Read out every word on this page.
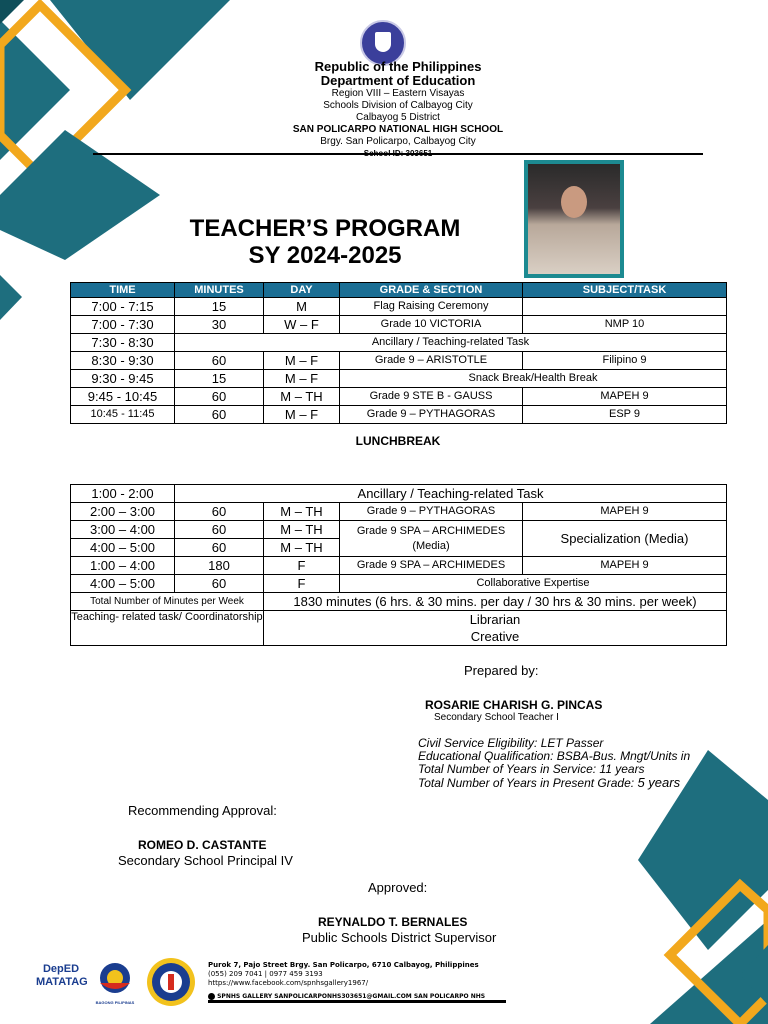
Republic of the Philippines
Department of Education
Region VIII – Eastern Visayas
Schools Division of Calbayog City
Calbayog 5 District
SAN POLICARPO NATIONAL HIGH SCHOOL
Brgy. San Policarpo, Calbayog City
TEACHER’S PROGRAM
SY 2024-2025
TIME	MINUTES	DAY	GRADE & SECTION	SUBJECT/TASK
7:00 - 7:15	15	M	Flag Raising Ceremony	
7:00 - 7:30	30	W – F	Grade 10 VICTORIA	NMP 10
7:30 - 8:30	Ancillary / Teaching-related Task			
8:30 - 9:30	60	M – F	Grade 9 – ARISTOTLE	Filipino 9
9:30 - 9:45	15	M – F	Snack Break/Health Break	
9:45 - 10:45	60	M – TH	Grade 9 STE B - GAUSS	MAPEH 9
10:45 - 11:45	60	M – F	Grade 9 – PYTHAGORAS	ESP 9
LUNCHBREAK
1:00 - 2:00	Ancillary / Teaching-related Task			
2:00 – 3:00	60	M – TH	Grade 9 – PYTHAGORAS	MAPEH 9
3:00 – 4:00	60	M – TH	Grade 9 SPA – ARCHIMEDES (Media)	Specialization (Media)
4:00 – 5:00	60	M – TH		
1:00 – 4:00	180	F	Grade 9 SPA – ARCHIMEDES	MAPEH 9
4:00 – 5:00	60	F	Collaborative Expertise	
Total Number of Minutes per Week		1830 minutes (6 hrs. & 30 mins. per day / 30 hrs & 30 mins. per week)		
Teaching- related task/ Coordinatorship		Librarian
Creative		
Prepared by:
ROSARIE CHARISH G. PINCAS
Secondary School Teacher I
Civil Service Eligibility: LET Passer
Educational Qualification: BSBA-Bus. Mngt/Units in
Total Number of Years in Service: 11 years
Total Number of Years in Present Grade: 5 years
Recommending Approval:
ROMEO D. CASTANTE
Secondary School Principal IV
Approved:
REYNALDO T. BERNALES
Public Schools District Supervisor
DepED MATATAG
BAGONG PILIPINAS
Purok 7, Pajo Street Brgy. San Policarpo, 6710 Calbayog, Philippines
(055) 209 7041 | 0977 459 3193
https://www.facebook.com/spnhsgallery1967/
SPNHS GALLERY SANPOLICARPONHS303651@GMAIL.COM SAN POLICARPO NHS
